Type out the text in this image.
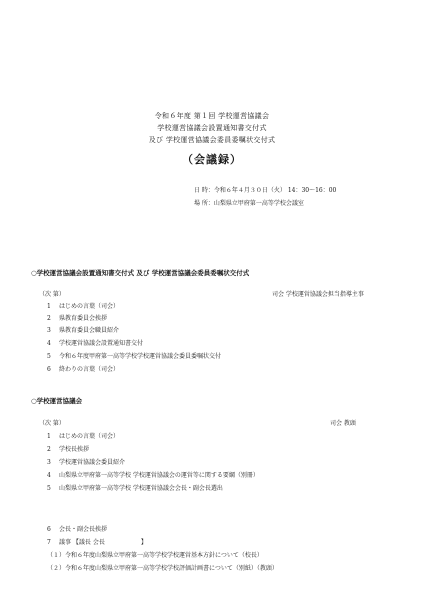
令和６年度 第１回 学校運営協議会
学校運営協議会設置通知書交付式
及び 学校運営協議会委員委嘱状交付式
（会議録）
日 時：令和６年４月３０日（火） 14：30～16：00
場 所：山梨県立甲府第一高等学校会議室
○学校運営協議会設置通知書交付式 及び 学校運営協議会委員委嘱状交付式
（次 第）	司会 学校運営協議会担当指導主事
1 はじめの言葉（司会）
2 県教育委員会挨拶
3 県教育委員会職員紹介
4 学校運営協議会設置通知書交付
5 令和６年度甲府第一高等学校学校運営協議会委員委嘱状交付
6 終わりの言葉（司会）
○学校運営協議会
（次 第）	司会 教頭
1 はじめの言葉（司会）
2 学校長挨拶
3 学校運営協議会委員紹介
4 山梨県立甲府第一高等学校 学校運営協議会の運営等に関する要綱（別冊）
5 山梨県立甲府第一高等学校 学校運営協議会会長・副会長選出
6 会長・副会長挨拶
7 議事 【議長 会長　　　　　　】
（１）令和６年度山梨県立甲府第一高等学校学校運営基本方針について（校長）
（２）令和６年度山梨県立甲府第一高等学校学校評価計画書について（別紙）（教頭）
